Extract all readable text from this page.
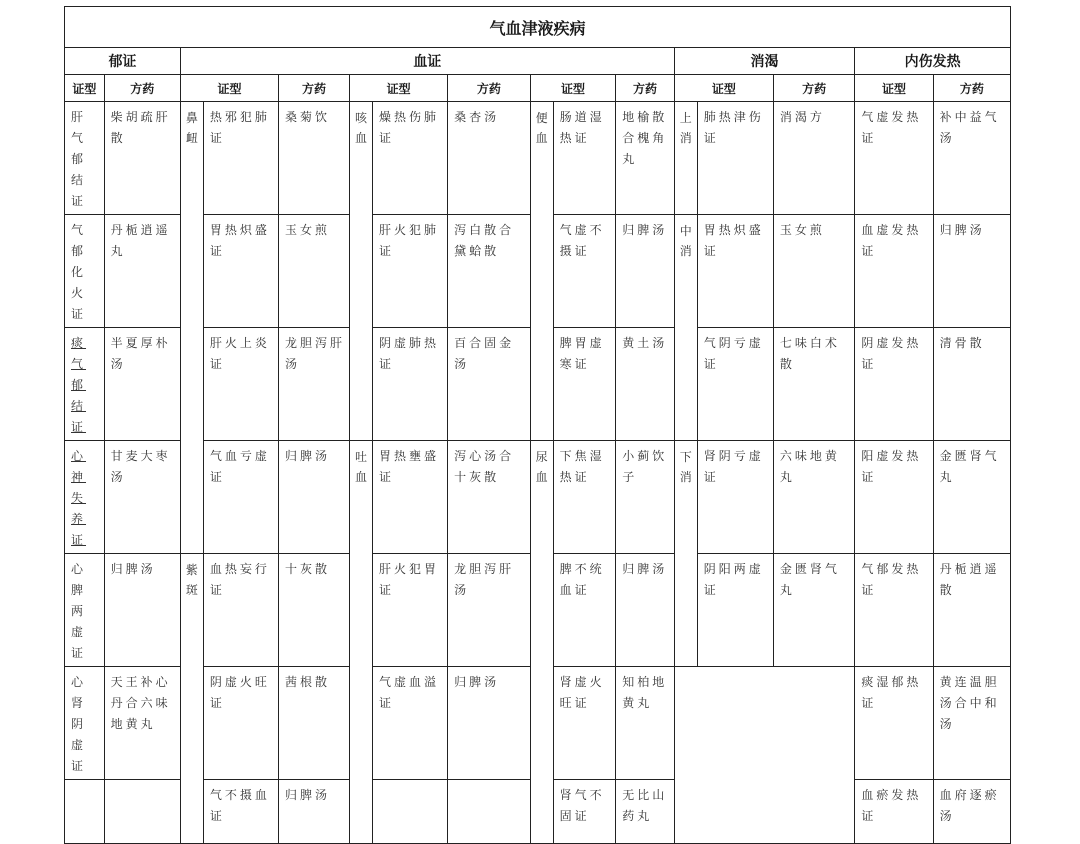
气血津液疾病															
郁证		血证									消渴			内伤发热	
证型	方药	证型		方药	证型		方药	证型		方药	证型		方药	证型	方药

肝气郁结证	柴胡疏肝散	鼻衄	热邪犯肺证	桑菊饮	咳血	燥热伤肺证	桑杏汤	便血	肠道湿热证	地榆散合槐角丸	上消	肺热津伤证	消渴方	气虚发热证	补中益气汤

气郁化火证	丹栀逍遥丸		胃热炽盛证	玉女煎		肝火犯肺证	泻白散合黛蛤散		气虚不摄证	归脾汤	中消	胃热炽盛证	玉女煎	血虚发热证	归脾汤

痰气郁结证	半夏厚朴汤		肝火上炎证	龙胆泻肝汤		阴虚肺热证	百合固金汤		脾胃虚寒证	黄土汤		气阴亏虚证	七味白术散	阴虚发热证	清骨散

心神失养证	甘麦大枣汤		气血亏虚证	归脾汤	吐血	胃热壅盛证	泻心汤合十灰散	尿血	下焦湿热证	小蓟饮子	下消	肾阴亏虚证	六味地黄丸	阳虚发热证	金匮肾气丸

心脾两虚证	归脾汤	紫斑	血热妄行证	十灰散		肝火犯胃证	龙胆泻肝汤		脾不统血证	归脾汤		阴阳两虚证	金匮肾气丸	气郁发热证	丹栀逍遥散

心肾阴虚证	天王补心丹合六味地黄丸		阴虚火旺证	茜根散		气虚血溢证	归脾汤		肾虚火旺证	知柏地黄丸				痰湿郁热证	黄连温胆汤合中和汤

			气不摄血证	归脾汤					肾气不固证	无比山药丸				血瘀发热证	血府逐瘀汤
